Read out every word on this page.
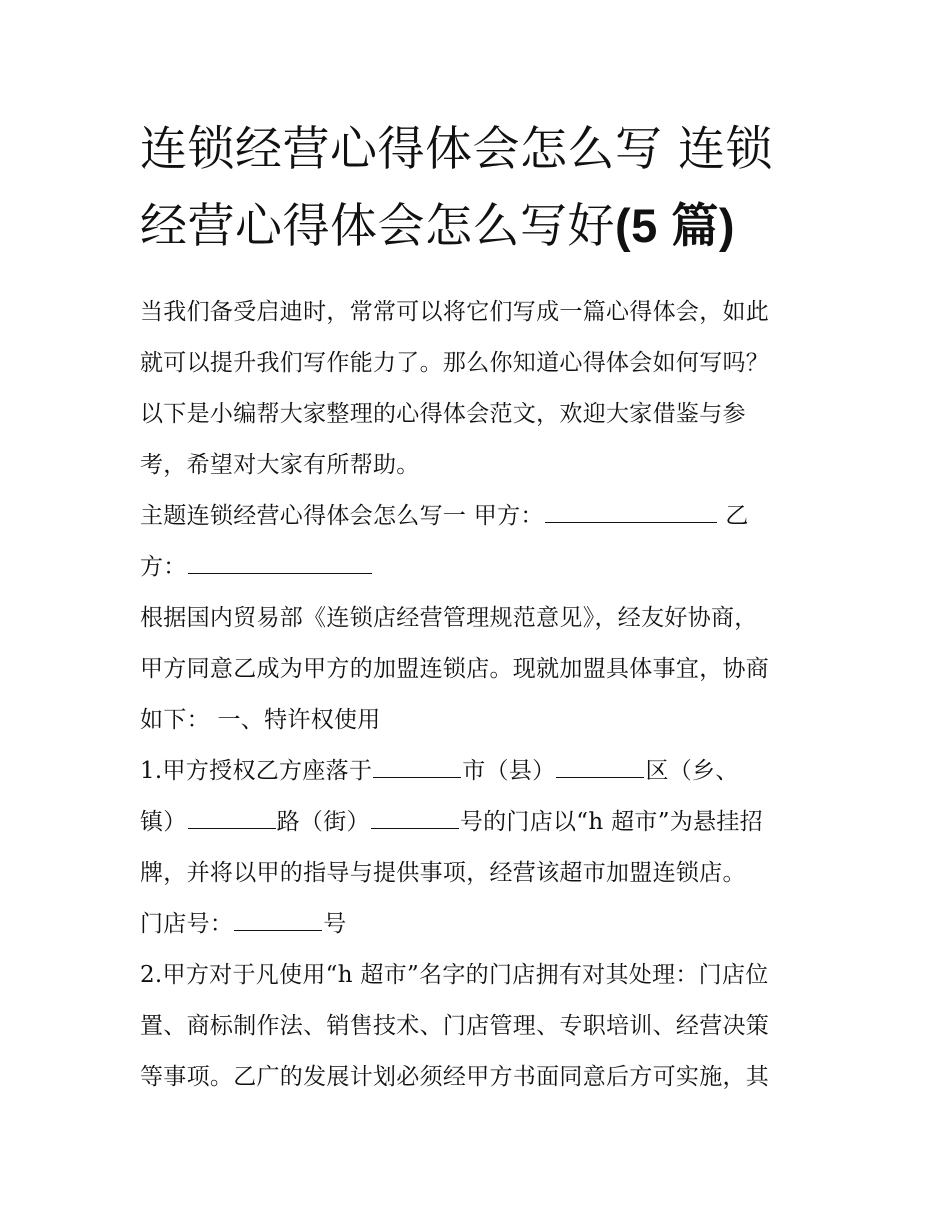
连锁经营心得体会怎么写 连锁
经营心得体会怎么写好(5 篇)

当我们备受启迪时，常常可以将它们写成一篇心得体会，如此
就可以提升我们写作能力了。那么你知道心得体会如何写吗？
以下是小编帮大家整理的心得体会范文，欢迎大家借鉴与参
考，希望对大家有所帮助。

主题连锁经营心得体会怎么写一 甲方：	乙
方：

根据国内贸易部《连锁店经营管理规范意见》，经友好协商，
甲方同意乙成为甲方的加盟连锁店。现就加盟具体事宜，协商
如下： 一、特许权使用

1.甲方授权乙方座落于	市（县）	区（乡、
镇）	路（街）	号的门店以“h 超市”为悬挂招
牌，并将以甲的指导与提供事项，经营该超市加盟连锁店。
门店号：	号

2.甲方对于凡使用“h 超市”名字的门店拥有对其处理：门店位
置、商标制作法、销售技术、门店管理、专职培训、经营决策
等事项。乙广的发展计划必须经甲方书面同意后方可实施，其
